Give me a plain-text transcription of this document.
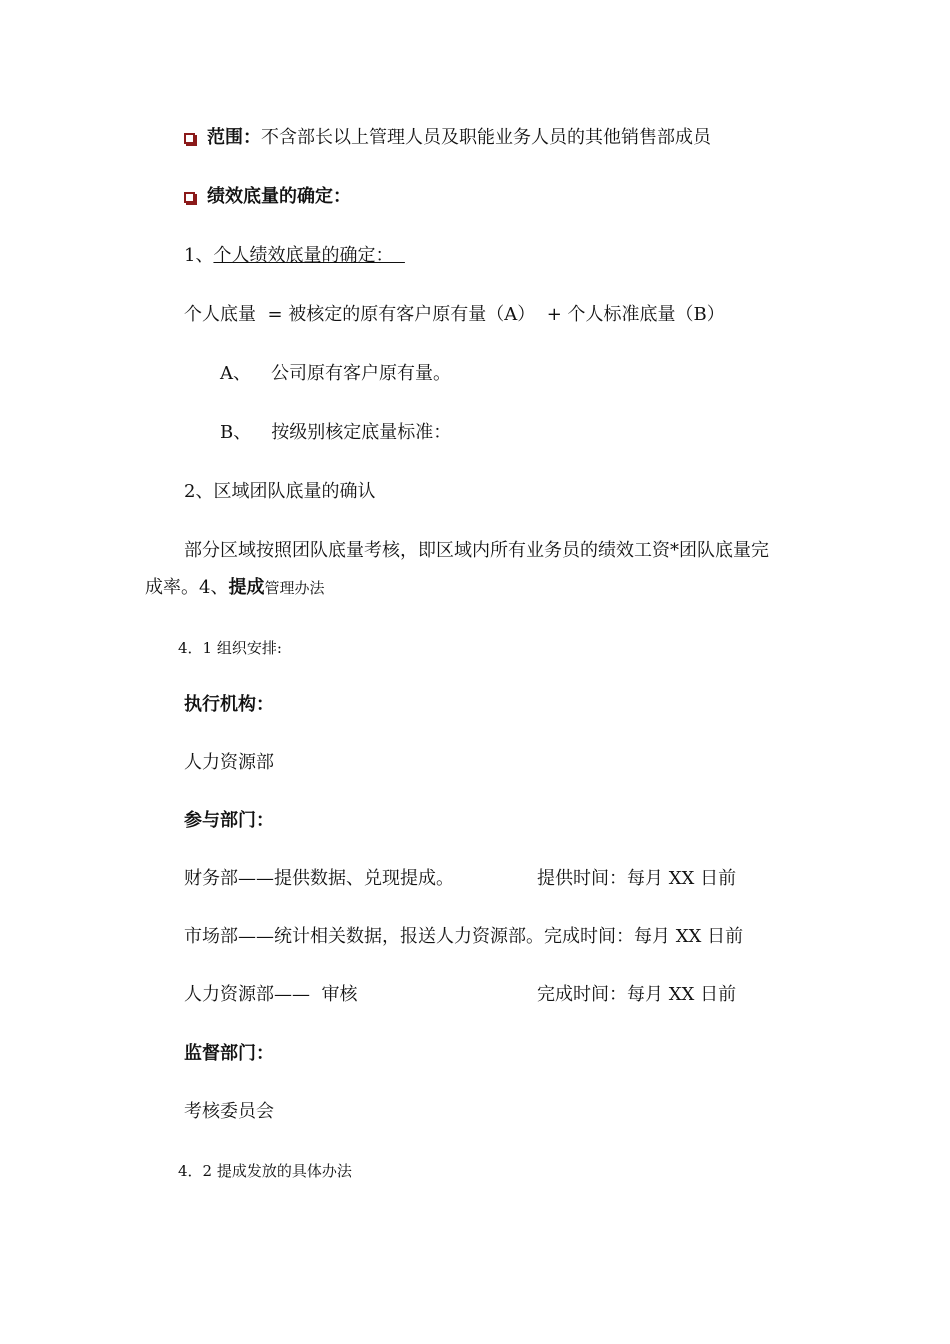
范围：不含部长以上管理人员及职能业务人员的其他销售部成员
绩效底量的确定：
1、个人绩效底量的确定：
个人底量  = 被核定的原有客户原有量（A）  + 个人标准底量（B）
A、 公司原有客户原有量。
B、 按级别核定底量标准：
2、区域团队底量的确认
部分区域按照团队底量考核，即区域内所有业务员的绩效工资*团队底量完
成率。4、提成管理办法
4．1 组织安排:
执行机构：
人力资源部
参与部门：
财务部——提供数据、兑现提成。	提供时间：每月 XX 日前
市场部——统计相关数据，报送人力资源部。完成时间：每月 XX 日前
人力资源部——  审核	完成时间：每月 XX 日前
监督部门：
考核委员会
4．2 提成发放的具体办法
